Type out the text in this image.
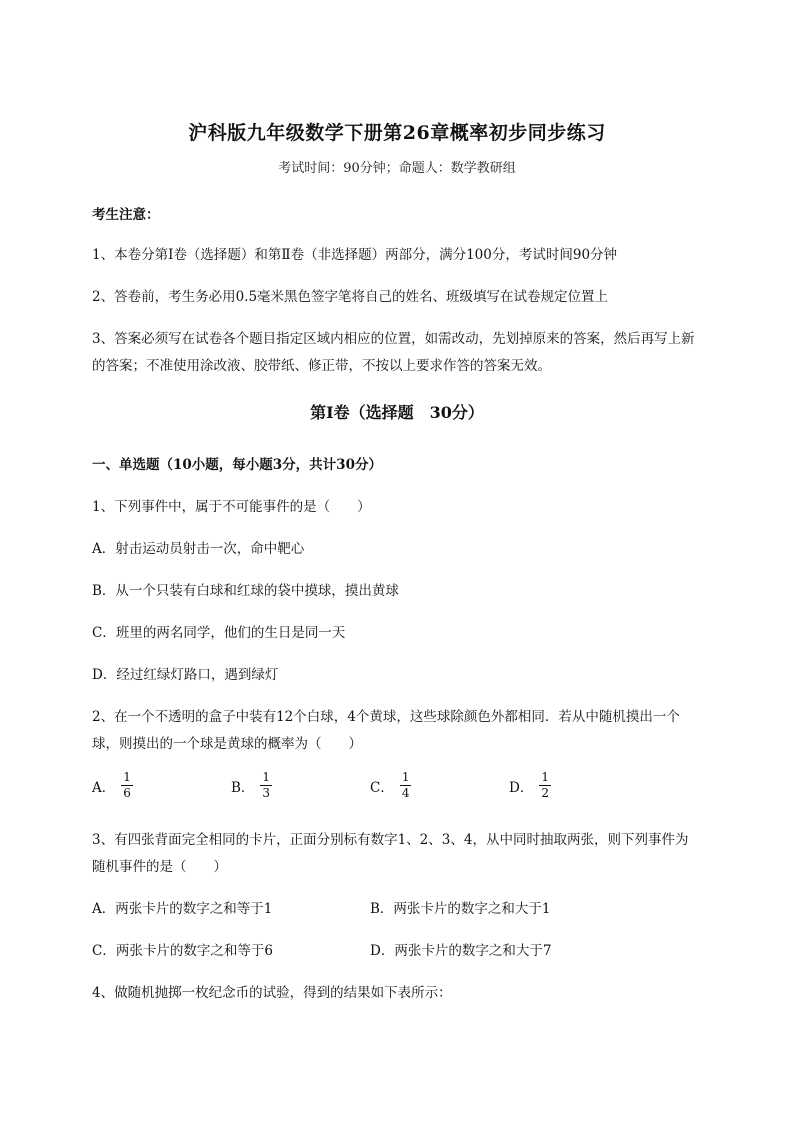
沪科版九年级数学下册第26章概率初步同步练习
考试时间：90分钟；命题人：数学教研组
考生注意：
1、本卷分第I卷（选择题）和第Ⅱ卷（非选择题）两部分，满分100分，考试时间90分钟
2、答卷前，考生务必用0.5毫米黑色签字笔将自己的姓名、班级填写在试卷规定位置上
3、答案必须写在试卷各个题目指定区域内相应的位置，如需改动，先划掉原来的答案，然后再写上新
的答案；不准使用涂改液、胶带纸、修正带，不按以上要求作答的答案无效。
第I卷（选择题　30分）
一、单选题（10小题，每小题3分，共计30分）
1、下列事件中，属于不可能事件的是（　　）
A．射击运动员射击一次，命中靶心
B．从一个只装有白球和红球的袋中摸球，摸出黄球
C．班里的两名同学，他们的生日是同一天
D．经过红绿灯路口，遇到绿灯
2、在一个不透明的盒子中装有12个白球，4个黄球，这些球除颜色外都相同．若从中随机摸出一个
球，则摸出的一个球是黄球的概率为（　　）
A． $\frac{1}{6}$	B． $\frac{1}{3}$	C． $\frac{1}{4}$	D． $\frac{1}{2}$
3、有四张背面完全相同的卡片，正面分别标有数字1、2、3、4，从中同时抽取两张，则下列事件为
随机事件的是（　　）
A．两张卡片的数字之和等于1	B．两张卡片的数字之和大于1
C．两张卡片的数字之和等于6	D．两张卡片的数字之和大于7
4、做随机抛掷一枚纪念币的试验，得到的结果如下表所示：
